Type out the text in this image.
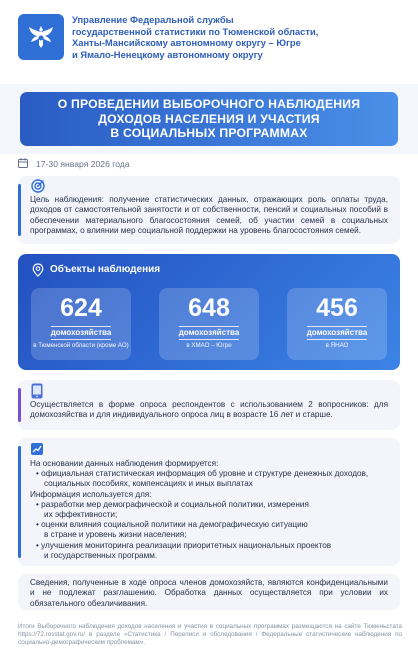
Управление Федеральной службы
государственной статистики по Тюменской области,
Ханты-Мансийскому автономному округу – Югре
и Ямало-Ненецкому автономному округу
О ПРОВЕДЕНИИ ВЫБОРОЧНОГО НАБЛЮДЕНИЯ
ДОХОДОВ НАСЕЛЕНИЯ И УЧАСТИЯ
В СОЦИАЛЬНЫХ ПРОГРАММАХ
17-30 января 2026 года
Цель наблюдения: получение статистических данных, отражающих роль оплаты труда, доходов от самостоятельной занятости и от собственности, пенсий и социальных пособий в обеспечении материального благосостояния семей, об участии семей в социальных программах, о влиянии мер социальной поддержки на уровень благосостояния семей.
Объекты наблюдения
624
домохозяйства
в Тюменской области (кроме АО)
648
домохозяйства
в ХМАО – Югре
456
домохозяйства
в ЯНАО
Осуществляется в форме опроса респондентов с использованием 2 вопросников: для домохозяйства и для индивидуального опроса лиц в возрасте 16 лет и старше.
На основании данных наблюдения формируется:
• официальная статистическая информация об уровне и структуре денежных доходов,
социальных пособиях, компенсациях и иных выплатах
Информация используется для:
• разработки мер демографической и социальной политики, измерения
их эффективности;
• оценки влияния социальной политики на демографическую ситуацию
в стране и уровень жизни населения;
• улучшения мониторинга реализации приоритетных национальных проектов
и государственных программ.
Сведения, полученные в ходе опроса членов домохозяйств, являются конфиденциальными и не подлежат разглашению. Обработка данных осуществляется при условии их обязательного обезличивания.
Итоги Выборочного наблюдения доходов населения и участия в социальных программах размещаются на сайте Тюменьстата https://72.rosstat.gov.ru/ в разделе «Статистика / Переписи и обследования / Федеральные статистические наблюдения по социально-демографическим проблемам».
